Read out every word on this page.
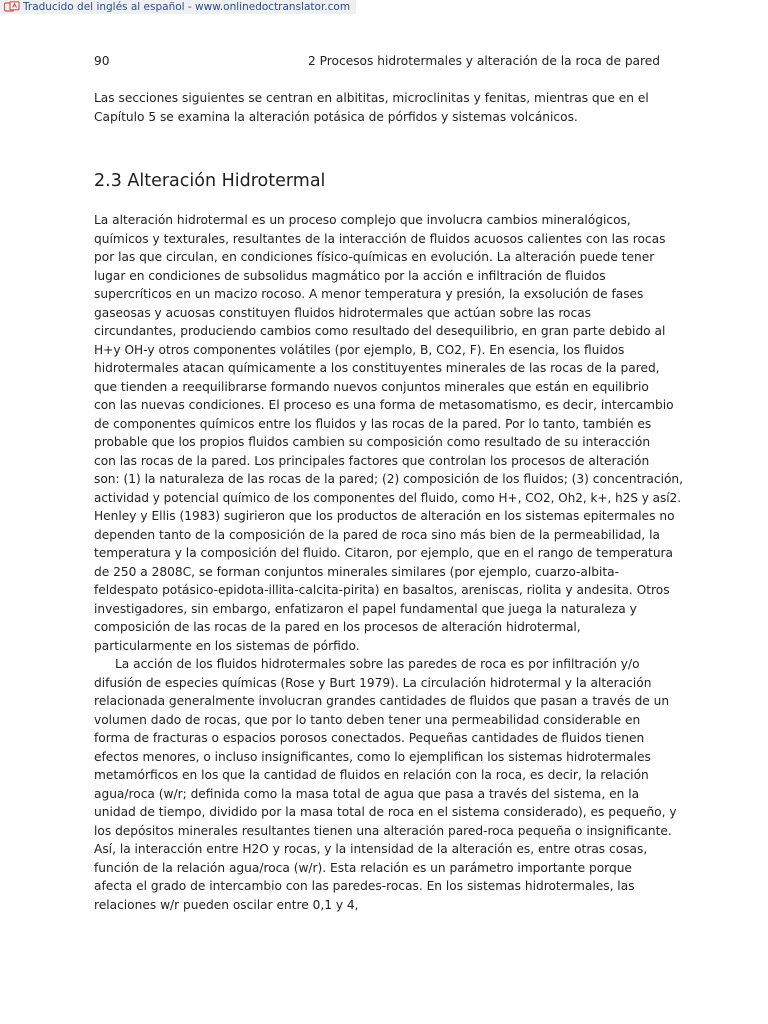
Traducido del inglés al español - www.onlinedoctranslator.com
90	2 Procesos hidrotermales y alteración de la roca de pared
Las secciones siguientes se centran en albititas, microclinitas y fenitas, mientras que en el
Capítulo 5 se examina la alteración potásica de pórfidos y sistemas volcánicos.
2.3 Alteración Hidrotermal
La alteración hidrotermal es un proceso complejo que involucra cambios mineralógicos,
químicos y texturales, resultantes de la interacción de fluidos acuosos calientes con las rocas
por las que circulan, en condiciones físico-químicas en evolución. La alteración puede tener
lugar en condiciones de subsolidus magmático por la acción e infiltración de fluidos
supercríticos en un macizo rocoso. A menor temperatura y presión, la exsolución de fases
gaseosas y acuosas constituyen fluidos hidrotermales que actúan sobre las rocas
circundantes, produciendo cambios como resultado del desequilibrio, en gran parte debido al
H+y OH-y otros componentes volátiles (por ejemplo, B, CO2, F). En esencia, los fluidos
hidrotermales atacan químicamente a los constituyentes minerales de las rocas de la pared,
que tienden a reequilibrarse formando nuevos conjuntos minerales que están en equilibrio
con las nuevas condiciones. El proceso es una forma de metasomatismo, es decir, intercambio
de componentes químicos entre los fluidos y las rocas de la pared. Por lo tanto, también es
probable que los propios fluidos cambien su composición como resultado de su interacción
con las rocas de la pared. Los principales factores que controlan los procesos de alteración
son: (1) la naturaleza de las rocas de la pared; (2) composición de los fluidos; (3) concentración,
actividad y potencial químico de los componentes del fluido, como H+, CO2, Oh2, k+, h2S y así2.
Henley y Ellis (1983) sugirieron que los productos de alteración en los sistemas epitermales no
dependen tanto de la composición de la pared de roca sino más bien de la permeabilidad, la
temperatura y la composición del fluido. Citaron, por ejemplo, que en el rango de temperatura
de 250 a 2808C, se forman conjuntos minerales similares (por ejemplo, cuarzo-albita-
feldespato potásico-epidota-illita-calcita-pirita) en basaltos, areniscas, riolita y andesita. Otros
investigadores, sin embargo, enfatizaron el papel fundamental que juega la naturaleza y
composición de las rocas de la pared en los procesos de alteración hidrotermal,
particularmente en los sistemas de pórfido.
La acción de los fluidos hidrotermales sobre las paredes de roca es por infiltración y/o
difusión de especies químicas (Rose y Burt 1979). La circulación hidrotermal y la alteración
relacionada generalmente involucran grandes cantidades de fluidos que pasan a través de un
volumen dado de rocas, que por lo tanto deben tener una permeabilidad considerable en
forma de fracturas o espacios porosos conectados. Pequeñas cantidades de fluidos tienen
efectos menores, o incluso insignificantes, como lo ejemplifican los sistemas hidrotermales
metamórficos en los que la cantidad de fluidos en relación con la roca, es decir, la relación
agua/roca (w/r; definida como la masa total de agua que pasa a través del sistema, en la
unidad de tiempo, dividido por la masa total de roca en el sistema considerado), es pequeño, y
los depósitos minerales resultantes tienen una alteración pared-roca pequeña o insignificante.
Así, la interacción entre H2O y rocas, y la intensidad de la alteración es, entre otras cosas,
función de la relación agua/roca (w/r). Esta relación es un parámetro importante porque
afecta el grado de intercambio con las paredes-rocas. En los sistemas hidrotermales, las
relaciones w/r pueden oscilar entre 0,1 y 4,
